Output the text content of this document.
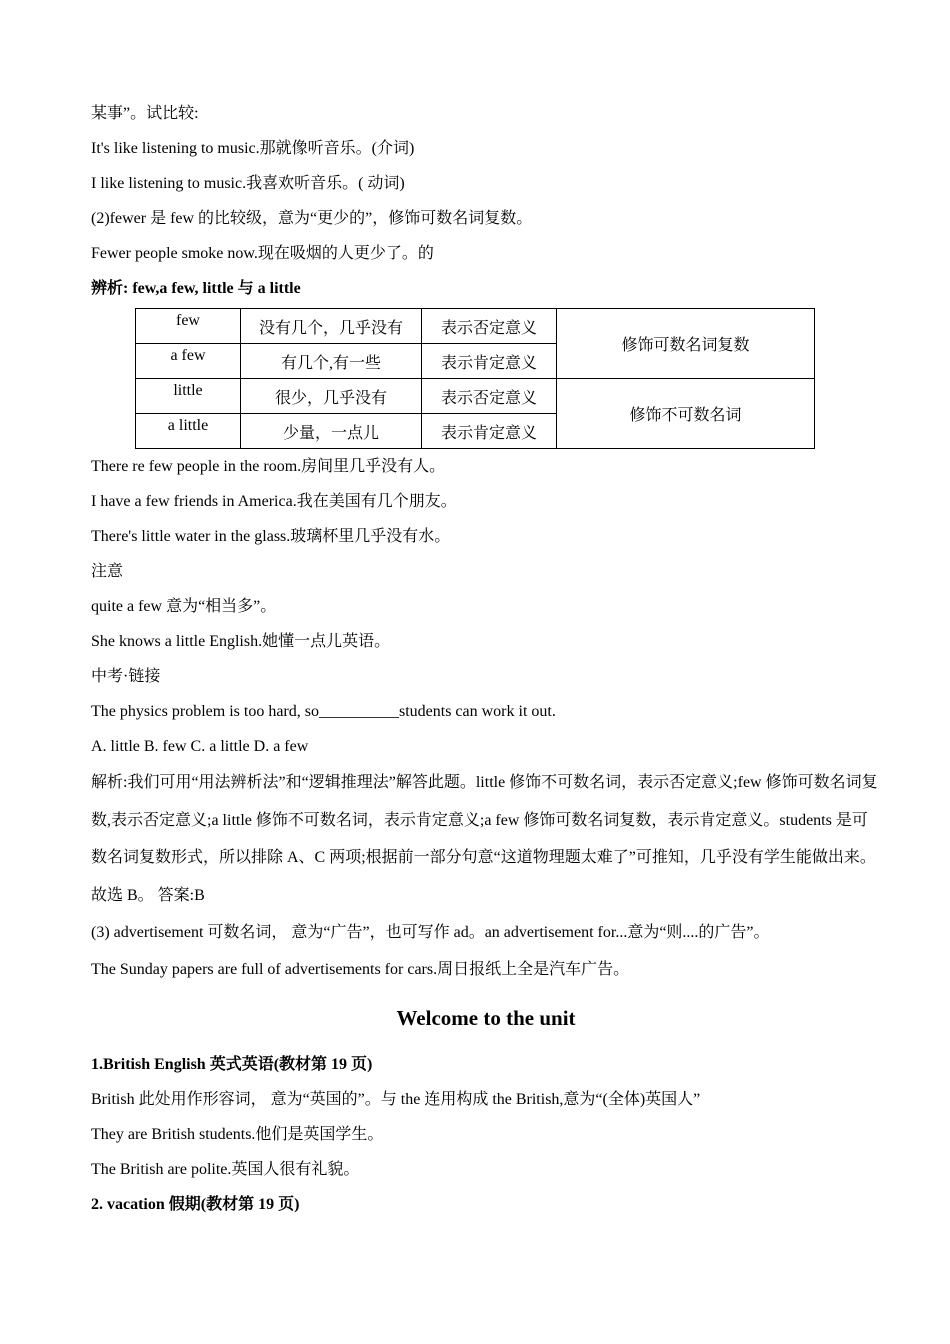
某事”。试比较:
It's like listening to music.那就像听音乐。(介词)
I like listening to music.我喜欢听音乐。( 动词)
(2)fewer 是 few 的比较级，意为“更少的”，修饰可数名词复数。
Fewer people smoke now.现在吸烟的人更少了。的
辨析: few,a few, little 与 a little
few	没有几个，几乎没有	表示否定意义	修饰可数名词复数
a few	有几个,有一些	表示肯定意义	
little	很少，几乎没有	表示否定意义	修饰不可数名词
a little	少量，一点儿	表示肯定意义	
There re few people in the room.房间里几乎没有人。
I have a few friends in America.我在美国有几个朋友。
There's little water in the glass.玻璃杯里几乎没有水。
注意
quite a few 意为“相当多”。
She knows a little English.她懂一点儿英语。
中考·链接
The physics problem is too hard, so__________students can work it out.
A. little B. few C. a little D. a few
解析:我们可用“用法辨析法”和“逻辑推理法”解答此题。little 修饰不可数名词，表示否定意义;few 修饰可数名词复数,表示否定意义;a little 修饰不可数名词，表示肯定意义;a few 修饰可数名词复数，表示肯定意义。students 是可数名词复数形式，所以排除 A、C 两项;根据前一部分句意“这道物理题太难了”可推知，几乎没有学生能做出来。故选 B。 答案:B
(3) advertisement 可数名词， 意为“广告”，也可写作 ad。an advertisement for...意为“则....的广告”。
The Sunday papers are full of advertisements for cars.周日报纸上全是汽车广告。
Welcome to the unit
1.British English 英式英语(教材第 19 页)
British 此处用作形容词， 意为“英国的”。与 the 连用构成 the British,意为“(全体)英国人”
They are British students.他们是英国学生。
The British are polite.英国人很有礼貌。
2. vacation 假期(教材第 19 页)
